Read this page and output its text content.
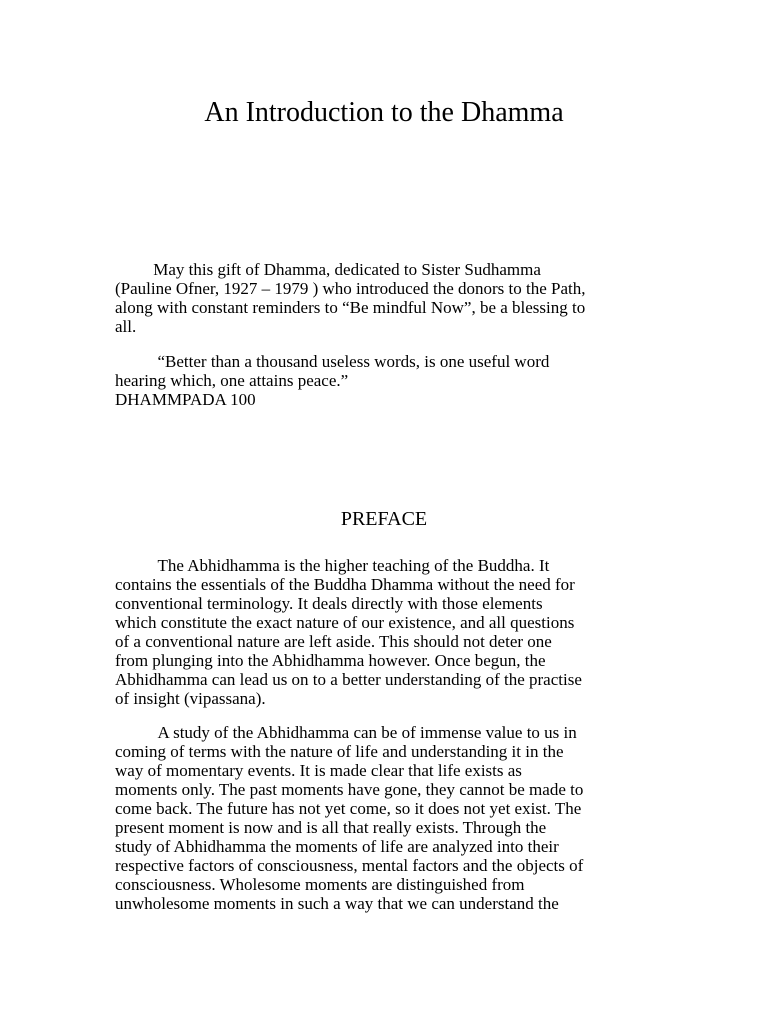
An Introduction to the Dhamma

May this gift of Dhamma, dedicated to Sister Sudhamma
(Pauline Ofner, 1927 – 1979 ) who introduced the donors to the Path,
along with constant reminders to “Be mindful Now”, be a blessing to
all.

“Better than a thousand useless words, is one useful word
hearing which, one attains peace.”
DHAMMPADA 100

PREFACE

The Abhidhamma is the higher teaching of the Buddha. It
contains the essentials of the Buddha Dhamma without the need for
conventional terminology. It deals directly with those elements
which constitute the exact nature of our existence, and all questions
of a conventional nature are left aside. This should not deter one
from plunging into the Abhidhamma however. Once begun, the
Abhidhamma can lead us on to a better understanding of the practise
of insight (vipassana).

A study of the Abhidhamma can be of immense value to us in
coming of terms with the nature of life and understanding it in the
way of momentary events. It is made clear that life exists as
moments only. The past moments have gone, they cannot be made to
come back. The future has not yet come, so it does not yet exist. The
present moment is now and is all that really exists. Through the
study of Abhidhamma the moments of life are analyzed into their
respective factors of consciousness, mental factors and the objects of
consciousness. Wholesome moments are distinguished from
unwholesome moments in such a way that we can understand the
